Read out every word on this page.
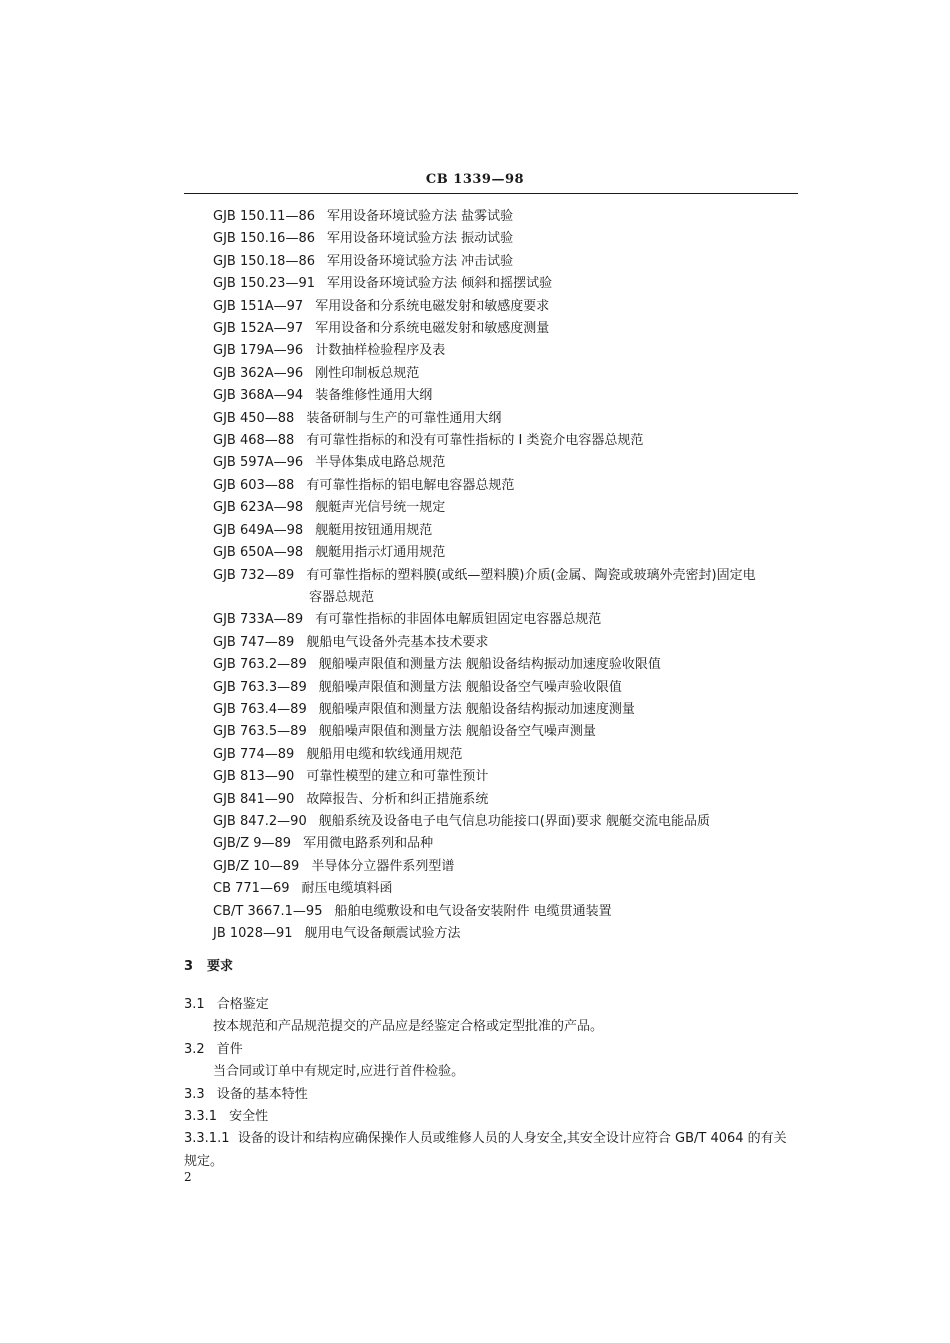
CB 1339—98
GJB 150.11—86 军用设备环境试验方法 盐雾试验
GJB 150.16—86 军用设备环境试验方法 振动试验
GJB 150.18—86 军用设备环境试验方法 冲击试验
GJB 150.23—91 军用设备环境试验方法 倾斜和摇摆试验
GJB 151A—97 军用设备和分系统电磁发射和敏感度要求
GJB 152A—97 军用设备和分系统电磁发射和敏感度测量
GJB 179A—96 计数抽样检验程序及表
GJB 362A—96 刚性印制板总规范
GJB 368A—94 装备维修性通用大纲
GJB 450—88 装备研制与生产的可靠性通用大纲
GJB 468—88 有可靠性指标的和没有可靠性指标的 I 类瓷介电容器总规范
GJB 597A—96 半导体集成电路总规范
GJB 603—88 有可靠性指标的铝电解电容器总规范
GJB 623A—98 舰艇声光信号统一规定
GJB 649A—98 舰艇用按钮通用规范
GJB 650A—98 舰艇用指示灯通用规范
GJB 732—89 有可靠性指标的塑料膜(或纸—塑料膜)介质(金属、陶瓷或玻璃外壳密封)固定电
容器总规范
GJB 733A—89 有可靠性指标的非固体电解质钽固定电容器总规范
GJB 747—89 舰船电气设备外壳基本技术要求
GJB 763.2—89 舰船噪声限值和测量方法 舰船设备结构振动加速度验收限值
GJB 763.3—89 舰船噪声限值和测量方法 舰船设备空气噪声验收限值
GJB 763.4—89 舰船噪声限值和测量方法 舰船设备结构振动加速度测量
GJB 763.5—89 舰船噪声限值和测量方法 舰船设备空气噪声测量
GJB 774—89 舰船用电缆和软线通用规范
GJB 813—90 可靠性模型的建立和可靠性预计
GJB 841—90 故障报告、分析和纠正措施系统
GJB 847.2—90 舰船系统及设备电子电气信息功能接口(界面)要求 舰艇交流电能品质
GJB/Z 9—89 军用微电路系列和品种
GJB/Z 10—89 半导体分立器件系列型谱
CB 771—69 耐压电缆填料函
CB/T 3667.1—95 船舶电缆敷设和电气设备安装附件 电缆贯通装置
JB 1028—91 舰用电气设备颠震试验方法
3 要求
3.1 合格鉴定
按本规范和产品规范提交的产品应是经鉴定合格或定型批准的产品。
3.2 首件
当合同或订单中有规定时,应进行首件检验。
3.3 设备的基本特性
3.3.1 安全性
3.3.1.1 设备的设计和结构应确保操作人员或维修人员的人身安全,其安全设计应符合 GB/T 4064 的有关规定。
2
